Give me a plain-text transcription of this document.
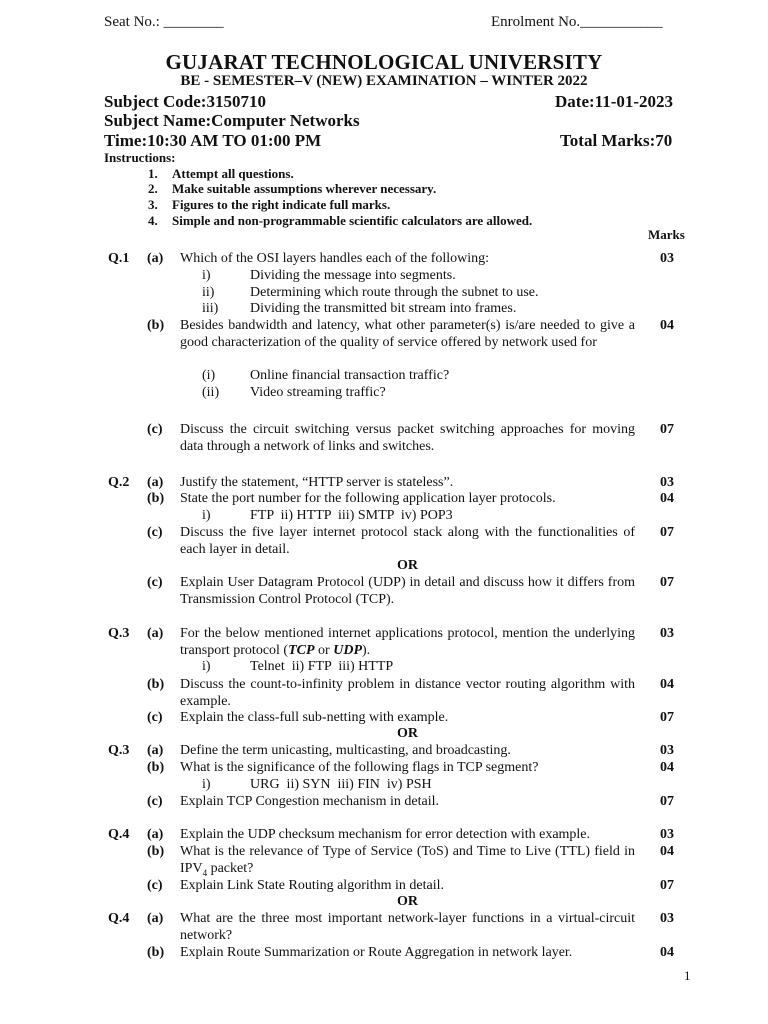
Seat No.: ________	Enrolment No.___________
GUJARAT TECHNOLOGICAL UNIVERSITY
BE - SEMESTER–V (NEW) EXAMINATION – WINTER 2022
Subject Code:3150710	Date:11-01-2023
Subject Name:Computer Networks
Time:10:30 AM TO 01:00 PM	Total Marks:70
Instructions:
1. Attempt all questions.
2. Make suitable assumptions wherever necessary.
3. Figures to the right indicate full marks.
4. Simple and non-programmable scientific calculators are allowed.
Marks
Q.1 (a) Which of the OSI layers handles each of the following:	03
i)	Dividing the message into segments.
ii)	Determining which route through the subnet to use.
iii) Dividing the transmitted bit stream into frames.
(b) Besides bandwidth and latency, what other parameter(s) is/are needed to give a good characterization of the quality of service offered by network used for
04
(i) Online financial transaction traffic?
(ii) Video streaming traffic?
(c) Discuss the circuit switching versus packet switching approaches for moving data through a network of links and switches.
07
Q.2 (a) Justify the statement, “HTTP server is stateless”.	03
(b) State the port number for the following application layer protocols.	04
i)	FTP  ii) HTTP  iii) SMTP  iv) POP3
(c) Discuss the five layer internet protocol stack along with the functionalities of each layer in detail.
07
OR
(c) Explain User Datagram Protocol (UDP) in detail and discuss how it differs from Transmission Control Protocol (TCP).
07
Q.3 (a) For the below mentioned internet applications protocol, mention the underlying transport protocol (TCP or UDP).
03
i)	Telnet  ii) FTP  iii) HTTP
(b) Discuss the count-to-infinity problem in distance vector routing algorithm with example.
04
(c) Explain the class-full sub-netting with example.	07
OR
Q.3 (a) Define the term unicasting, multicasting, and broadcasting.	03
(b) What is the significance of the following flags in TCP segment?	04
i)	URG  ii) SYN  iii) FIN  iv) PSH
(c) Explain TCP Congestion mechanism in detail.	07
Q.4 (a) Explain the UDP checksum mechanism for error detection with example.	03
(b) What is the relevance of Type of Service (ToS) and Time to Live (TTL) field in $IPV_4$ packet?
04
(c) Explain Link State Routing algorithm in detail.	07
OR
Q.4 (a) What are the three most important network-layer functions in a virtual-circuit network?
03
(b) Explain Route Summarization or Route Aggregation in network layer.	04
1
